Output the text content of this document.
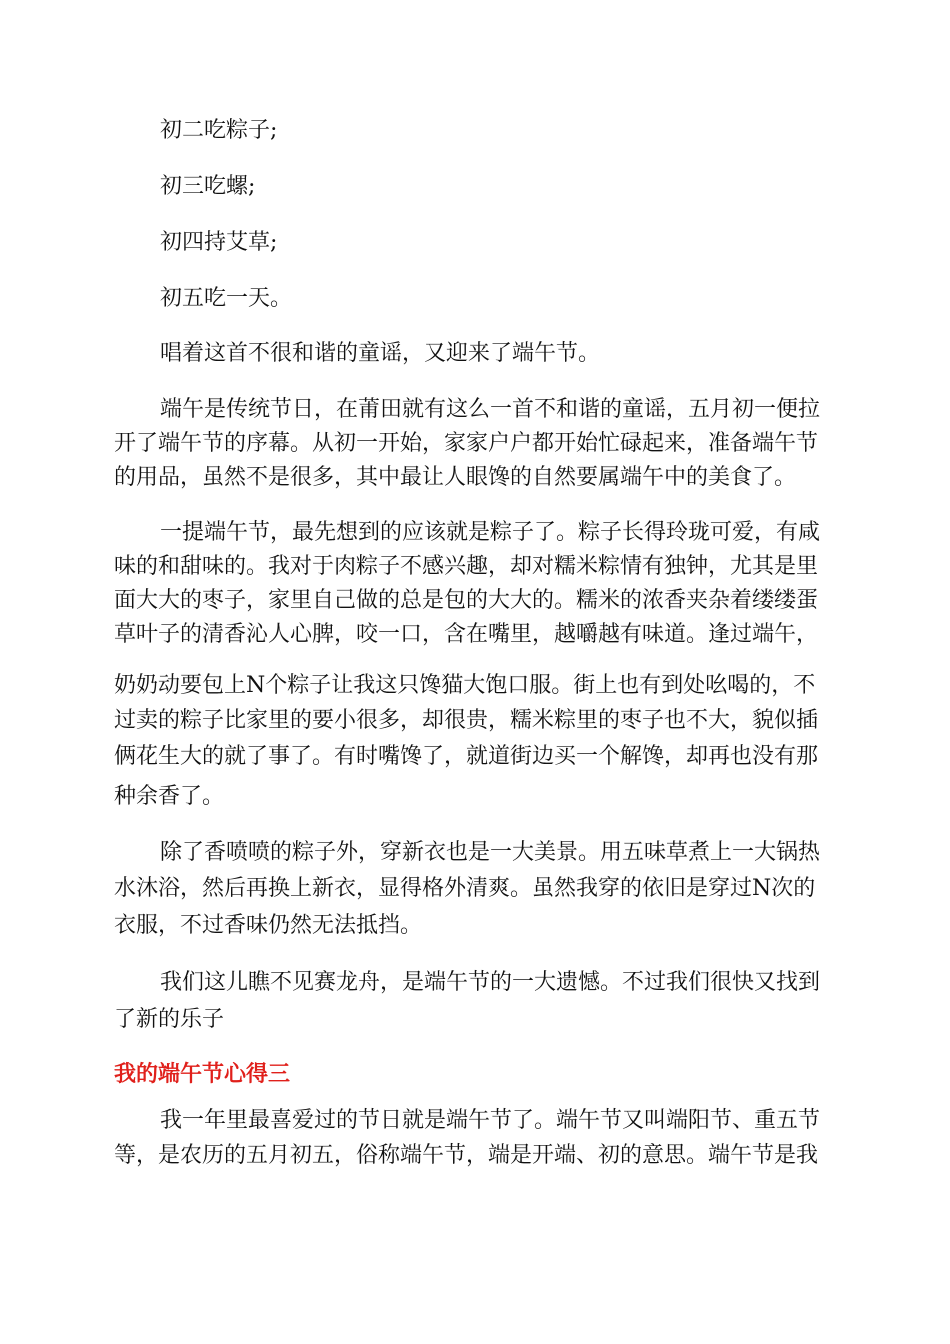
初二吃粽子;
初三吃螺;
初四持艾草;
初五吃一天。
唱着这首不很和谐的童谣，又迎来了端午节。
端午是传统节日，在莆田就有这么一首不和谐的童谣，五月初一便拉
开了端午节的序幕。从初一开始，家家户户都开始忙碌起来，准备端午节
的用品，虽然不是很多，其中最让人眼馋的自然要属端午中的美食了。
一提端午节，最先想到的应该就是粽子了。粽子长得玲珑可爱，有咸
味的和甜味的。我对于肉粽子不感兴趣，却对糯米粽情有独钟，尤其是里
面大大的枣子，家里自己做的总是包的大大的。糯米的浓香夹杂着缕缕蛋
草叶子的清香沁人心脾，咬一口，含在嘴里，越嚼越有味道。逢过端午，
奶奶动要包上N个粽子让我这只馋猫大饱口服。街上也有到处吆喝的，不
过卖的粽子比家里的要小很多，却很贵，糯米粽里的枣子也不大，貌似插
俩花生大的就了事了。有时嘴馋了，就道街边买一个解馋，却再也没有那
种余香了。
除了香喷喷的粽子外，穿新衣也是一大美景。用五味草煮上一大锅热
水沐浴，然后再换上新衣，显得格外清爽。虽然我穿的依旧是穿过N次的
衣服，不过香味仍然无法抵挡。
我们这儿瞧不见赛龙舟，是端午节的一大遗憾。不过我们很快又找到
了新的乐子
我的端午节心得三
我一年里最喜爱过的节日就是端午节了。端午节又叫端阳节、重五节
等，是农历的五月初五，俗称端午节，端是开端、初的意思。端午节是我
